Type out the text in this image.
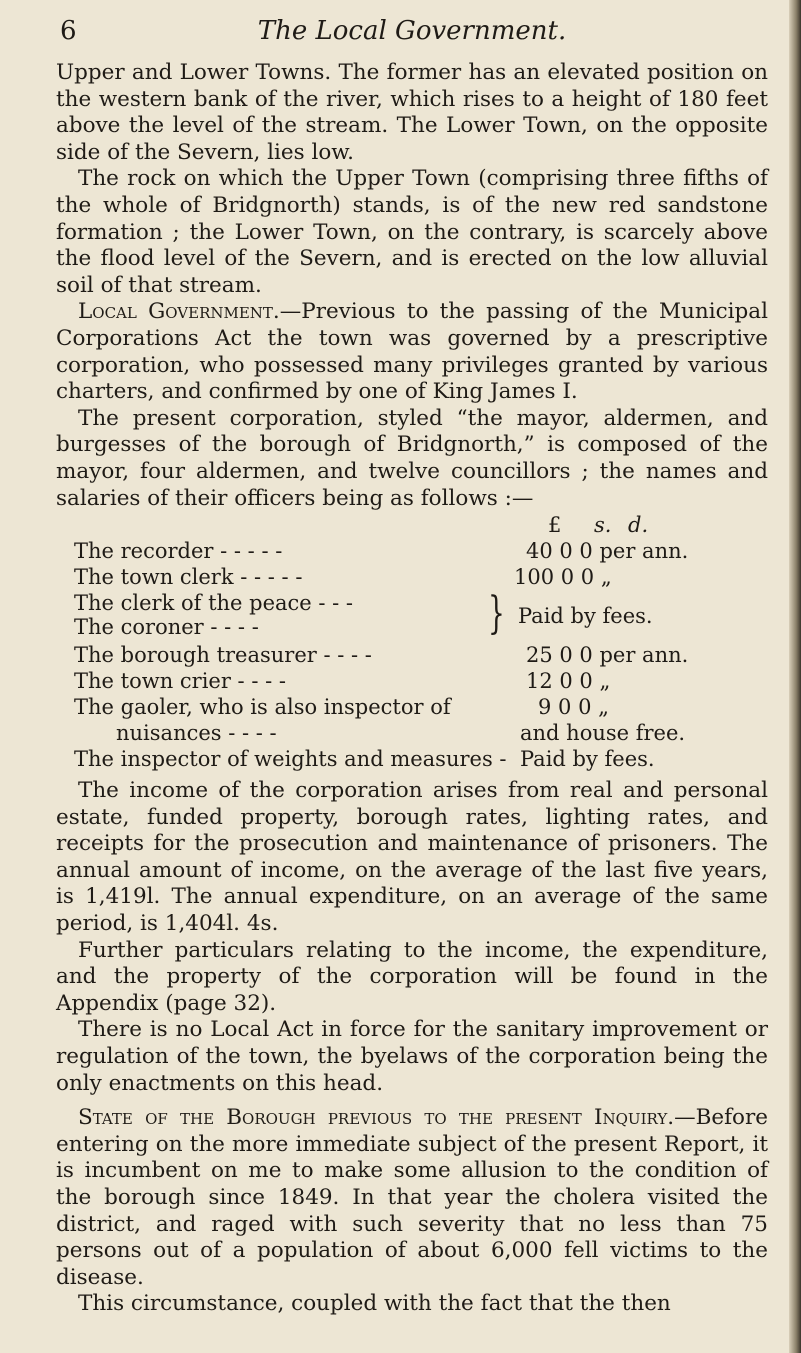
6	The Local Government.

Upper and Lower Towns. The former has an elevated position on the western bank of the river, which rises to a height of 180 feet above the level of the stream. The Lower Town, on the opposite side of the Severn, lies low.

The rock on which the Upper Town (comprising three fifths of the whole of Bridgnorth) stands, is of the new red sandstone formation ; the Lower Town, on the contrary, is scarcely above the flood level of the Severn, and is erected on the low alluvial soil of that stream.

Local Government.—Previous to the passing of the Municipal Corporations Act the town was governed by a prescriptive corporation, who possessed many privileges granted by various charters, and confirmed by one of King James I.

The present corporation, styled “the mayor, aldermen, and burgesses of the borough of Bridgnorth,” is composed of the mayor, four aldermen, and twelve councillors ; the names and salaries of their officers being as follows :—

£ s. d.
The recorder - - - - -	40 0 0 per ann.
The town clerk - - - - -	100 0 0 „
The clerk of the peace - - -
The coroner - - - -	} Paid by fees.
The borough treasurer - - - -	25 0 0 per ann.
The town crier - - - -	12 0 0 „
The gaoler, who is also inspector of	9 0 0 „
nuisances - - - -	and house free.
The inspector of weights and measures - Paid by fees.

The income of the corporation arises from real and personal estate, funded property, borough rates, lighting rates, and receipts for the prosecution and maintenance of prisoners. The annual amount of income, on the average of the last five years, is 1,419l. The annual expenditure, on an average of the same period, is 1,404l. 4s.

Further particulars relating to the income, the expenditure, and the property of the corporation will be found in the Appendix (page 32).

There is no Local Act in force for the sanitary improvement or regulation of the town, the byelaws of the corporation being the only enactments on this head.

State of the Borough previous to the present Inquiry.—Before entering on the more immediate subject of the present Report, it is incumbent on me to make some allusion to the condition of the borough since 1849. In that year the cholera visited the district, and raged with such severity that no less than 75 persons out of a population of about 6,000 fell victims to the disease.

This circumstance, coupled with the fact that the then
